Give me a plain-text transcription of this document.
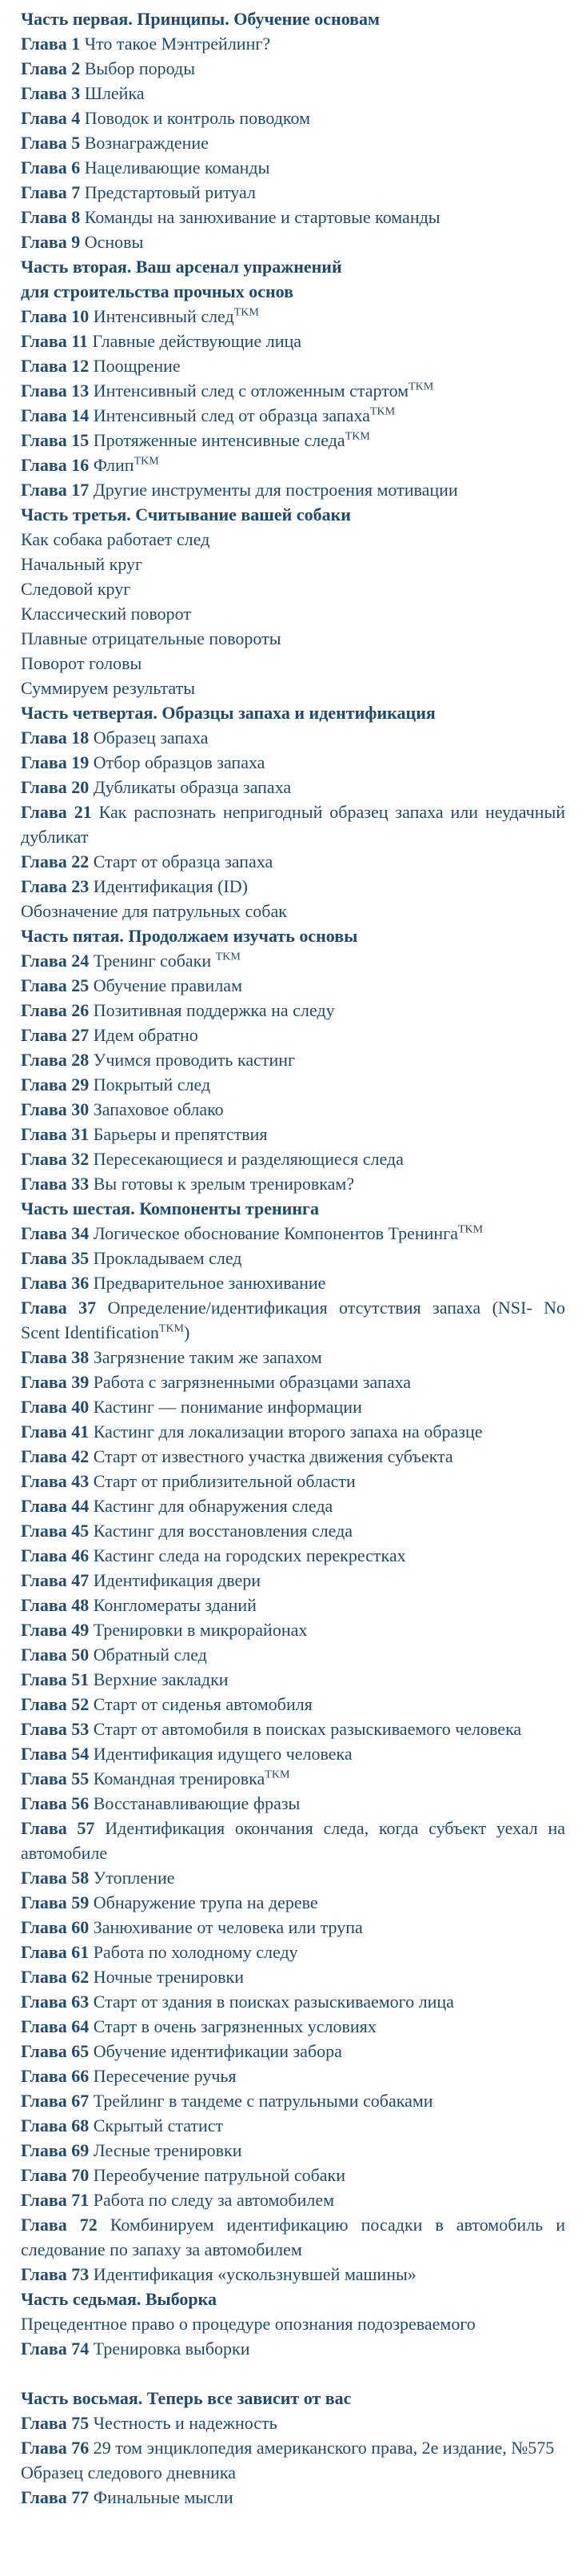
Часть первая. Принципы. Обучение основам
Глава 1 Что такое Мэнтрейлинг?
Глава 2 Выбор породы
Глава 3 Шлейка
Глава 4 Поводок и контроль поводком
Глава 5 Вознаграждение
Глава 6 Нацеливающие команды
Глава 7 Предстартовый ритуал
Глава 8 Команды на занюхивание и стартовые команды
Глава 9 Основы
Часть вторая. Ваш арсенал упражнений
для строительства прочных основ
Глава 10 Интенсивный след$^{TKM}$
Глава 11 Главные действующие лица
Глава 12 Поощрение
Глава 13 Интенсивный след с отложенным стартом$^{TKM}$
Глава 14 Интенсивный след от образца запаха$^{TKM}$
Глава 15 Протяженные интенсивные следа$^{TKM}$
Глава 16 Флип$^{TKM}$
Глава 17 Другие инструменты для построения мотивации
Часть третья. Считывание вашей собаки
Как собака работает след
Начальный круг
Следовой круг
Классический поворот
Плавные отрицательные повороты
Поворот головы
Суммируем результаты
Часть четвертая. Образцы запаха и идентификация
Глава 18 Образец запаха
Глава 19 Отбор образцов запаха
Глава 20 Дубликаты образца запаха
Глава 21 Как распознать непригодный образец запаха или неудачный дубликат
Глава 22 Старт от образца запаха
Глава 23 Идентификация (ID)
Обозначение для патрульных собак
Часть пятая. Продолжаем изучать основы
Глава 24 Тренинг собаки $^{TKM}$
Глава 25 Обучение правилам
Глава 26 Позитивная поддержка на следу
Глава 27 Идем обратно
Глава 28 Учимся проводить кастинг
Глава 29 Покрытый след
Глава 30 Запаховое облако
Глава 31 Барьеры и препятствия
Глава 32 Пересекающиеся и разделяющиеся следа
Глава 33 Вы готовы к зрелым тренировкам?
Часть шестая. Компоненты тренинга
Глава 34 Логическое обоснование Компонентов Тренинга$^{TKM}$
Глава 35 Прокладываем след
Глава 36 Предварительное занюхивание
Глава 37 Определение/идентификация отсутствия запаха (NSI- No Scent Identification$^{TKM}$)
Глава 38 Загрязнение таким же запахом
Глава 39 Работа с загрязненными образцами запаха
Глава 40 Кастинг — понимание информации
Глава 41 Кастинг для локализации второго запаха на образце
Глава 42 Старт от известного участка движения субъекта
Глава 43 Старт от приблизительной области
Глава 44 Кастинг для обнаружения следа
Глава 45 Кастинг для восстановления следа
Глава 46 Кастинг следа на городских перекрестках
Глава 47 Идентификация двери
Глава 48 Конгломераты зданий
Глава 49 Тренировки в микрорайонах
Глава 50 Обратный след
Глава 51 Верхние закладки
Глава 52 Старт от сиденья автомобиля
Глава 53 Старт от автомобиля в поисках разыскиваемого человека
Глава 54 Идентификация идущего человека
Глава 55 Командная тренировка$^{TKM}$
Глава 56 Восстанавливающие фразы
Глава 57 Идентификация окончания следа, когда субъект уехал на автомобиле
Глава 58 Утопление
Глава 59 Обнаружение трупа на дереве
Глава 60 Занюхивание от человека или трупа
Глава 61 Работа по холодному следу
Глава 62 Ночные тренировки
Глава 63 Старт от здания в поисках разыскиваемого лица
Глава 64 Старт в очень загрязненных условиях
Глава 65 Обучение идентификации забора
Глава 66 Пересечение ручья
Глава 67 Трейлинг в тандеме с патрульными собаками
Глава 68 Скрытый статист
Глава 69 Лесные тренировки
Глава 70 Переобучение патрульной собаки
Глава 71 Работа по следу за автомобилем
Глава 72 Комбинируем идентификацию посадки в автомобиль и следование по запаху за автомобилем
Глава 73 Идентификация «ускользнувшей машины»
Часть седьмая. Выборка
Прецедентное право о процедуре опознания подозреваемого
Глава 74 Тренировка выборки
Часть восьмая. Теперь все зависит от вас
Глава 75 Честность и надежность
Глава 76 29 том энциклопедия американского права, 2е издание, №575
Образец следового дневника
Глава 77 Финальные мысли
